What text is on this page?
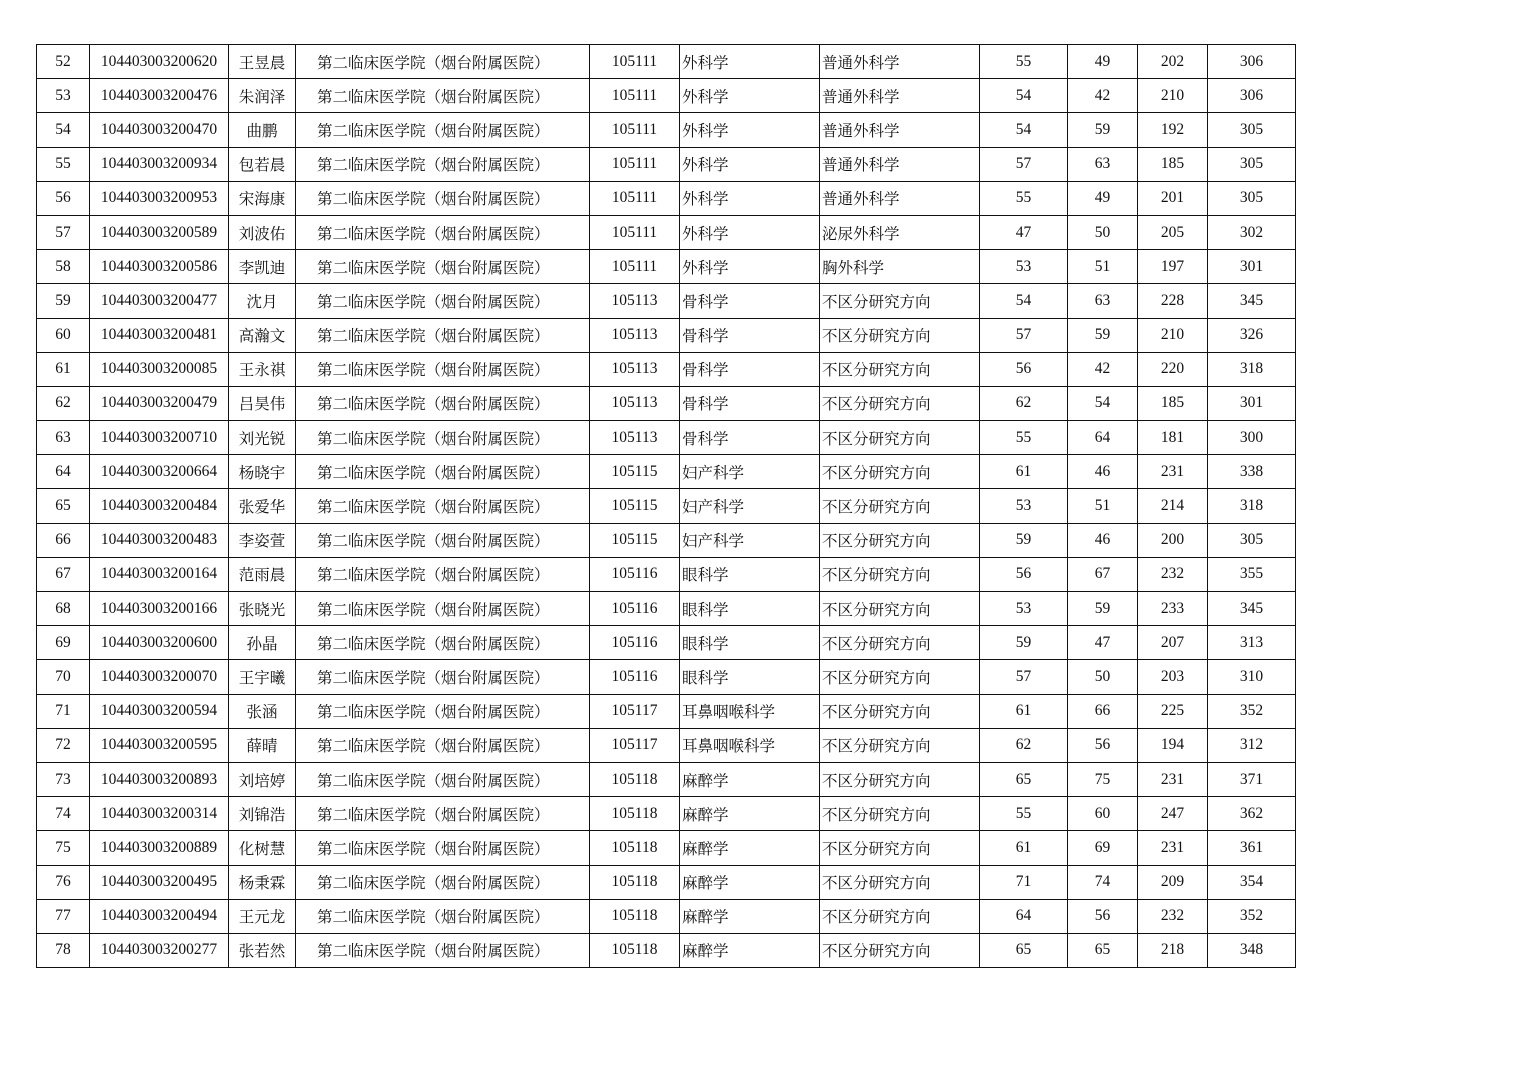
52	104403003200620	王昱晨	第二临床医学院（烟台附属医院）	105111	外科学	普通外科学	55	49	202	306
53	104403003200476	朱润泽	第二临床医学院（烟台附属医院）	105111	外科学	普通外科学	54	42	210	306
54	104403003200470	曲鹏	第二临床医学院（烟台附属医院）	105111	外科学	普通外科学	54	59	192	305
55	104403003200934	包若晨	第二临床医学院（烟台附属医院）	105111	外科学	普通外科学	57	63	185	305
56	104403003200953	宋海康	第二临床医学院（烟台附属医院）	105111	外科学	普通外科学	55	49	201	305
57	104403003200589	刘波佑	第二临床医学院（烟台附属医院）	105111	外科学	泌尿外科学	47	50	205	302
58	104403003200586	李凯迪	第二临床医学院（烟台附属医院）	105111	外科学	胸外科学	53	51	197	301
59	104403003200477	沈月	第二临床医学院（烟台附属医院）	105113	骨科学	不区分研究方向	54	63	228	345
60	104403003200481	高瀚文	第二临床医学院（烟台附属医院）	105113	骨科学	不区分研究方向	57	59	210	326
61	104403003200085	王永祺	第二临床医学院（烟台附属医院）	105113	骨科学	不区分研究方向	56	42	220	318
62	104403003200479	吕昊伟	第二临床医学院（烟台附属医院）	105113	骨科学	不区分研究方向	62	54	185	301
63	104403003200710	刘光锐	第二临床医学院（烟台附属医院）	105113	骨科学	不区分研究方向	55	64	181	300
64	104403003200664	杨晓宇	第二临床医学院（烟台附属医院）	105115	妇产科学	不区分研究方向	61	46	231	338
65	104403003200484	张爱华	第二临床医学院（烟台附属医院）	105115	妇产科学	不区分研究方向	53	51	214	318
66	104403003200483	李姿萱	第二临床医学院（烟台附属医院）	105115	妇产科学	不区分研究方向	59	46	200	305
67	104403003200164	范雨晨	第二临床医学院（烟台附属医院）	105116	眼科学	不区分研究方向	56	67	232	355
68	104403003200166	张晓光	第二临床医学院（烟台附属医院）	105116	眼科学	不区分研究方向	53	59	233	345
69	104403003200600	孙晶	第二临床医学院（烟台附属医院）	105116	眼科学	不区分研究方向	59	47	207	313
70	104403003200070	王宇曦	第二临床医学院（烟台附属医院）	105116	眼科学	不区分研究方向	57	50	203	310
71	104403003200594	张涵	第二临床医学院（烟台附属医院）	105117	耳鼻咽喉科学	不区分研究方向	61	66	225	352
72	104403003200595	薛晴	第二临床医学院（烟台附属医院）	105117	耳鼻咽喉科学	不区分研究方向	62	56	194	312
73	104403003200893	刘培婷	第二临床医学院（烟台附属医院）	105118	麻醉学	不区分研究方向	65	75	231	371
74	104403003200314	刘锦浩	第二临床医学院（烟台附属医院）	105118	麻醉学	不区分研究方向	55	60	247	362
75	104403003200889	化树慧	第二临床医学院（烟台附属医院）	105118	麻醉学	不区分研究方向	61	69	231	361
76	104403003200495	杨秉霖	第二临床医学院（烟台附属医院）	105118	麻醉学	不区分研究方向	71	74	209	354
77	104403003200494	王元龙	第二临床医学院（烟台附属医院）	105118	麻醉学	不区分研究方向	64	56	232	352
78	104403003200277	张若然	第二临床医学院（烟台附属医院）	105118	麻醉学	不区分研究方向	65	65	218	348
